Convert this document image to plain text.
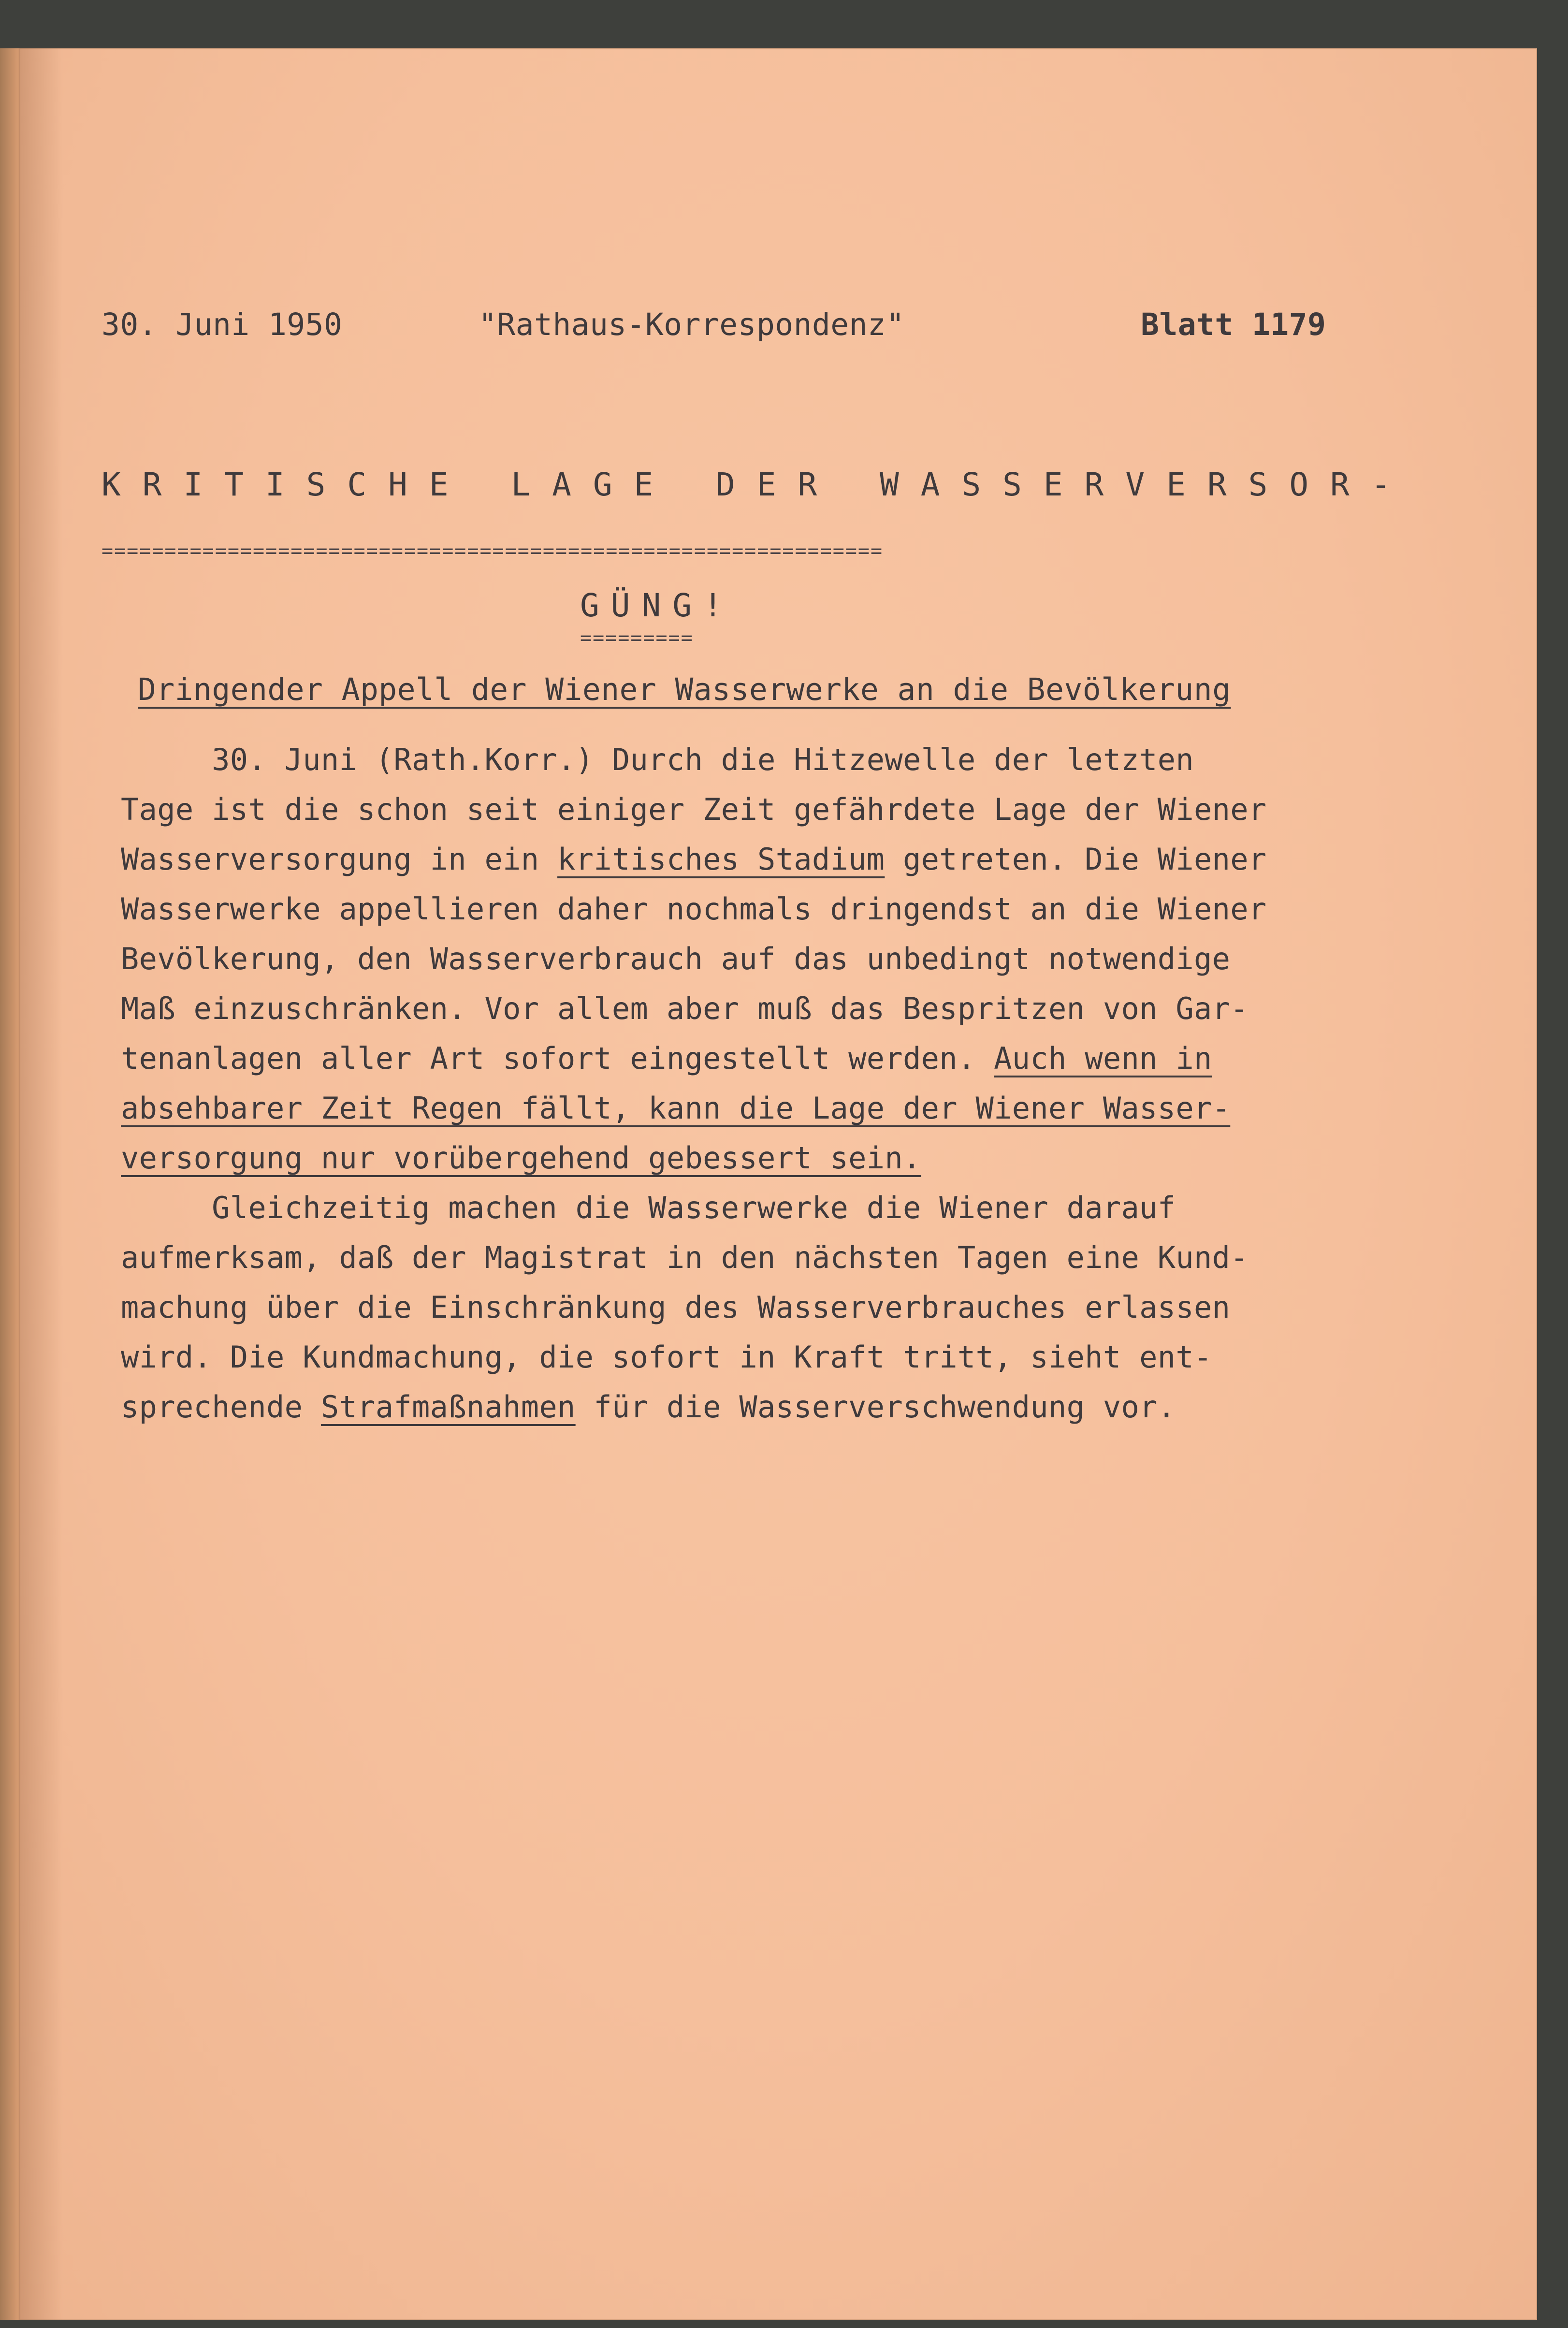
30. Juni 1950	"Rathaus-Korrespondenz"	Blatt 1179
KRITISCHE LAGE DER WASSERVERSOR-
==============================================================
GÜNG!
=========
Dringender Appell der Wiener Wasserwerke an die Bevölkerung
30. Juni (Rath.Korr.) Durch die Hitzewelle der letzten
Tage ist die schon seit einiger Zeit gefährdete Lage der Wiener
Wasserversorgung in ein kritisches Stadium getreten. Die Wiener
Wasserwerke appellieren daher nochmals dringendst an die Wiener
Bevölkerung, den Wasserverbrauch auf das unbedingt notwendige
Maß einzuschränken. Vor allem aber muß das Bespritzen von Gar-
tenanlagen aller Art sofort eingestellt werden. Auch wenn in
absehbarer Zeit Regen fällt, kann die Lage der Wiener Wasser-
versorgung nur vorübergehend gebessert sein.
Gleichzeitig machen die Wasserwerke die Wiener darauf
aufmerksam, daß der Magistrat in den nächsten Tagen eine Kund-
machung über die Einschränkung des Wasserverbrauches erlassen
wird. Die Kundmachung, die sofort in Kraft tritt, sieht ent-
sprechende Strafmaßnahmen für die Wasserverschwendung vor.
